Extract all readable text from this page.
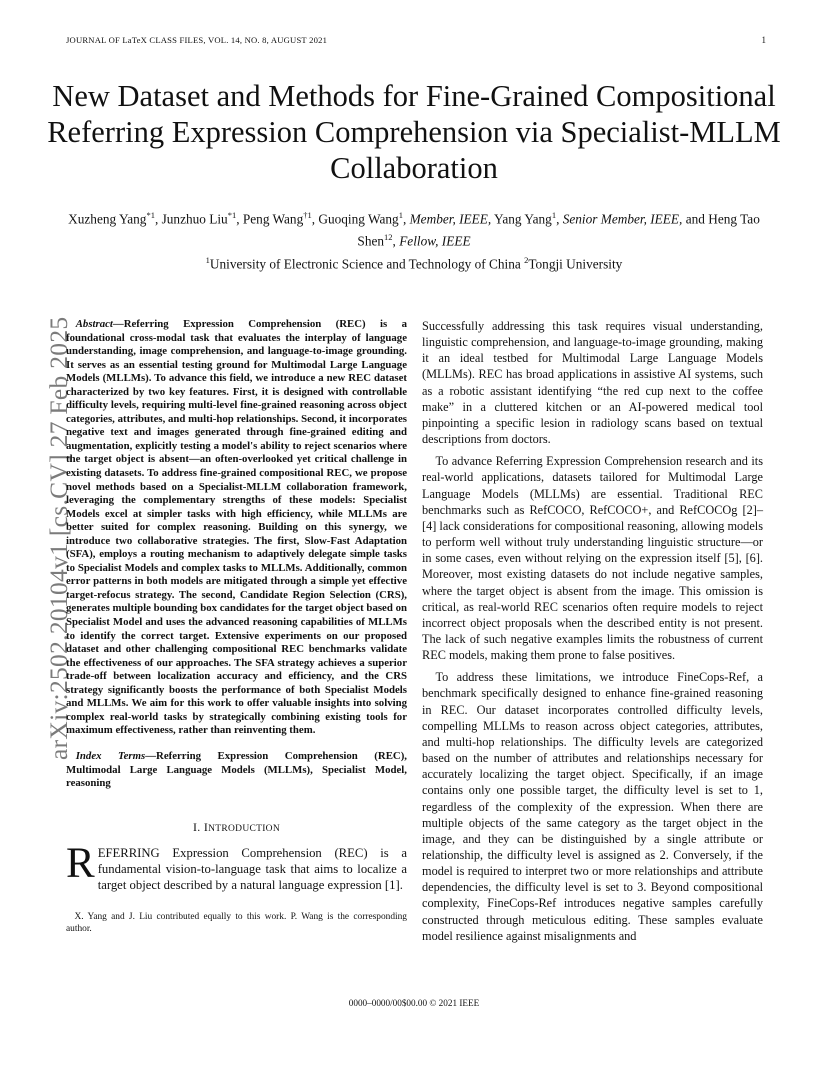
JOURNAL OF LaTeX CLASS FILES, VOL. 14, NO. 8, AUGUST 2021	1
New Dataset and Methods for Fine-Grained Compositional Referring Expression Comprehension via Specialist-MLLM Collaboration
Xuzheng Yang$^{*1}$, Junzhuo Liu$^{*1}$, Peng Wang$^{\dagger 1}$, Guoqing Wang$^1$, Member, IEEE, Yang Yang$^1$, Senior Member, IEEE, and Heng Tao Shen$^{12}$, Fellow, IEEE
$^1$University of Electronic Science and Technology of China $^2$Tongji University
arXiv:2502.20104v1 [cs.CV] 27 Feb 2025 Abstract—Referring Expression Comprehension (REC) is a foundational cross-modal task that evaluates the interplay of language understanding, image comprehension, and language-to-image grounding. It serves as an essential testing ground for Multimodal Large Language Models (MLLMs). To advance this field, we introduce a new REC dataset characterized by two key features. First, it is designed with controllable difficulty levels, requiring multi-level fine-grained reasoning across object categories, attributes, and multi-hop relationships. Second, it incorporates negative text and images generated through fine-grained editing and augmentation, explicitly testing a model's ability to reject scenarios where the target object is absent—an often-overlooked yet critical challenge in existing datasets. To address fine-grained compositional REC, we propose novel methods based on a Specialist-MLLM collaboration framework, leveraging the complementary strengths of these models: Specialist Models excel at simpler tasks with high efficiency, while MLLMs are better suited for complex reasoning. Building on this synergy, we introduce two collaborative strategies. The first, Slow-Fast Adaptation (SFA), employs a routing mechanism to adaptively delegate simple tasks to Specialist Models and complex tasks to MLLMs. Additionally, common error patterns in both models are mitigated through a simple yet effective target-refocus strategy. The second, Candidate Region Selection (CRS), generates multiple bounding box candidates for the target object based on Specialist Model and uses the advanced reasoning capabilities of MLLMs to identify the correct target. Extensive experiments on our proposed dataset and other challenging compositional REC benchmarks validate the effectiveness of our approaches. The SFA strategy achieves a superior trade-off between localization accuracy and efficiency, and the CRS strategy significantly boosts the performance of both Specialist Models and MLLMs. We aim for this work to offer valuable insights into solving complex real-world tasks by strategically combining existing tools for maximum effectiveness, rather than reinventing them.

Index Terms—Referring Expression Comprehension (REC), Multimodal Large Language Models (MLLMs), Specialist Model, reasoning

I. INTRODUCTION

REFERRING Expression Comprehension (REC) is a fundamental vision-to-language task that aims to localize a target object described by a natural language expression [1].

X. Yang and J. Liu contributed equally to this work. P. Wang is the corresponding author.

Successfully addressing this task requires visual understanding, linguistic comprehension, and language-to-image grounding, making it an ideal testbed for Multimodal Large Language Models (MLLMs). REC has broad applications in assistive AI systems, such as a robotic assistant identifying “the red cup next to the coffee make” in a cluttered kitchen or an AI-powered medical tool pinpointing a specific lesion in radiology scans based on textual descriptions from doctors.

To advance Referring Expression Comprehension research and its real-world applications, datasets tailored for Multimodal Large Language Models (MLLMs) are essential. Traditional REC benchmarks such as RefCOCO, RefCOCO+, and RefCOCOg [2]–[4] lack considerations for compositional reasoning, allowing models to perform well without truly understanding linguistic structure—or in some cases, even without relying on the expression itself [5], [6]. Moreover, most existing datasets do not include negative samples, where the target object is absent from the image. This omission is critical, as real-world REC scenarios often require models to reject incorrect object proposals when the described entity is not present. The lack of such negative examples limits the robustness of current REC models, making them prone to false positives.

To address these limitations, we introduce FineCops-Ref, a benchmark specifically designed to enhance fine-grained reasoning in REC. Our dataset incorporates controlled difficulty levels, compelling MLLMs to reason across object categories, attributes, and multi-hop relationships. The difficulty levels are categorized based on the number of attributes and relationships necessary for accurately localizing the target object. Specifically, if an image contains only one possible target, the difficulty level is set to 1, regardless of the complexity of the expression. When there are multiple objects of the same category as the target object in the image, and they can be distinguished by a single attribute or relationship, the difficulty level is assigned as 2. Conversely, if the model is required to interpret two or more relationships and attribute dependencies, the difficulty level is set to 3. Beyond compositional complexity, FineCops-Ref introduces negative samples carefully constructed through meticulous editing. These samples evaluate model resilience against misalignments and

0000–0000/00$00.00 © 2021 IEEE
